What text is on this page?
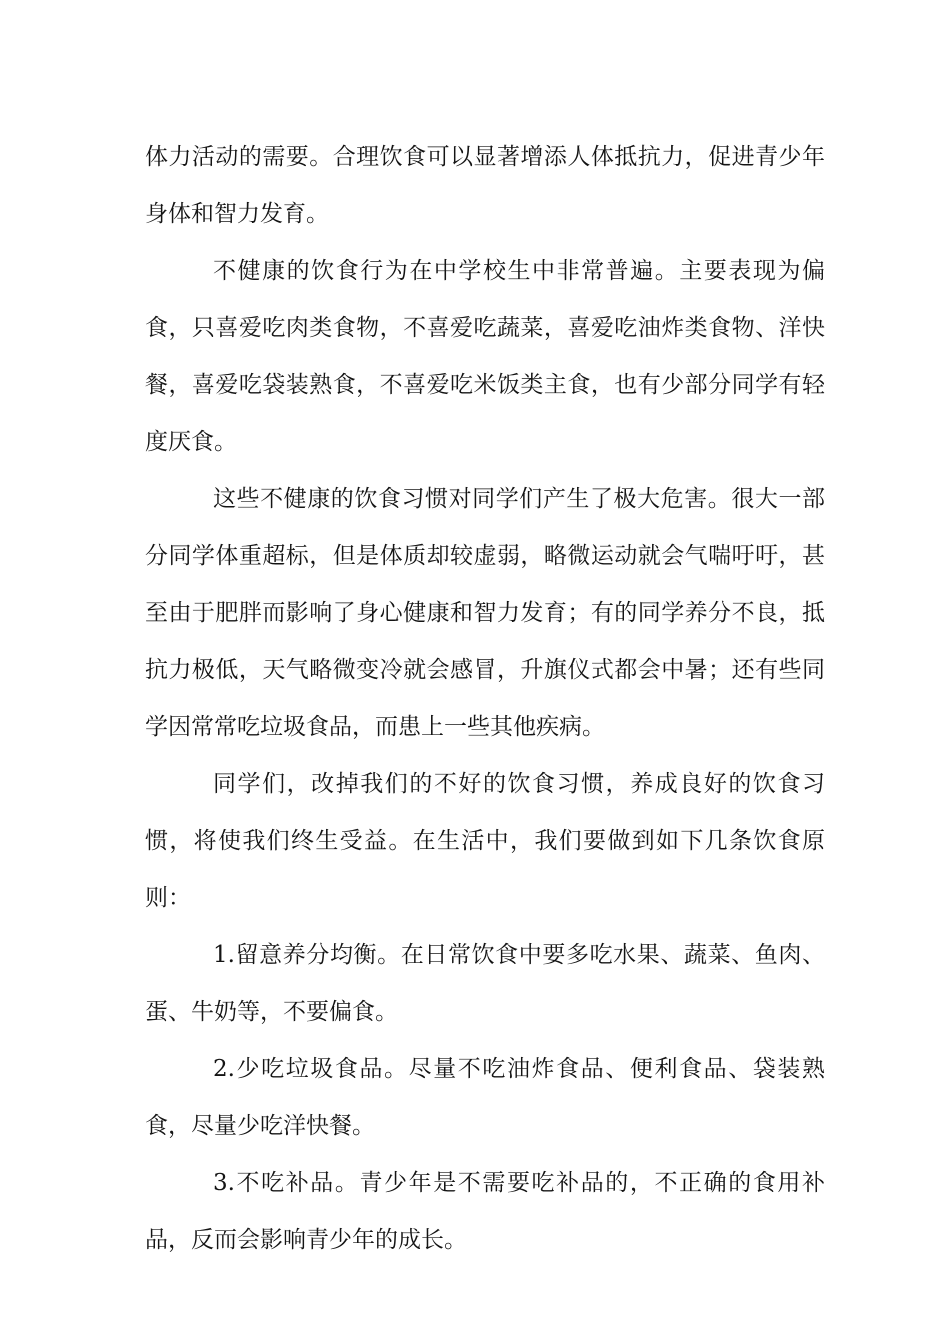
体力活动的需要。合理饮食可以显著增添人体抵抗力，促进青少年身体和智力发育。

不健康的饮食行为在中学校生中非常普遍。主要表现为偏食，只喜爱吃肉类食物，不喜爱吃蔬菜，喜爱吃油炸类食物、洋快餐，喜爱吃袋装熟食，不喜爱吃米饭类主食，也有少部分同学有轻度厌食。

这些不健康的饮食习惯对同学们产生了极大危害。很大一部分同学体重超标，但是体质却较虚弱，略微运动就会气喘吁吁，甚至由于肥胖而影响了身心健康和智力发育；有的同学养分不良，抵抗力极低，天气略微变冷就会感冒，升旗仪式都会中暑；还有些同学因常常吃垃圾食品，而患上一些其他疾病。

同学们，改掉我们的不好的饮食习惯，养成良好的饮食习惯，将使我们终生受益。在生活中，我们要做到如下几条饮食原则：

1.留意养分均衡。在日常饮食中要多吃水果、蔬菜、鱼肉、蛋、牛奶等，不要偏食。

2.少吃垃圾食品。尽量不吃油炸食品、便利食品、袋装熟食，尽量少吃洋快餐。

3.不吃补品。青少年是不需要吃补品的，不正确的食用补品，反而会影响青少年的成长。
